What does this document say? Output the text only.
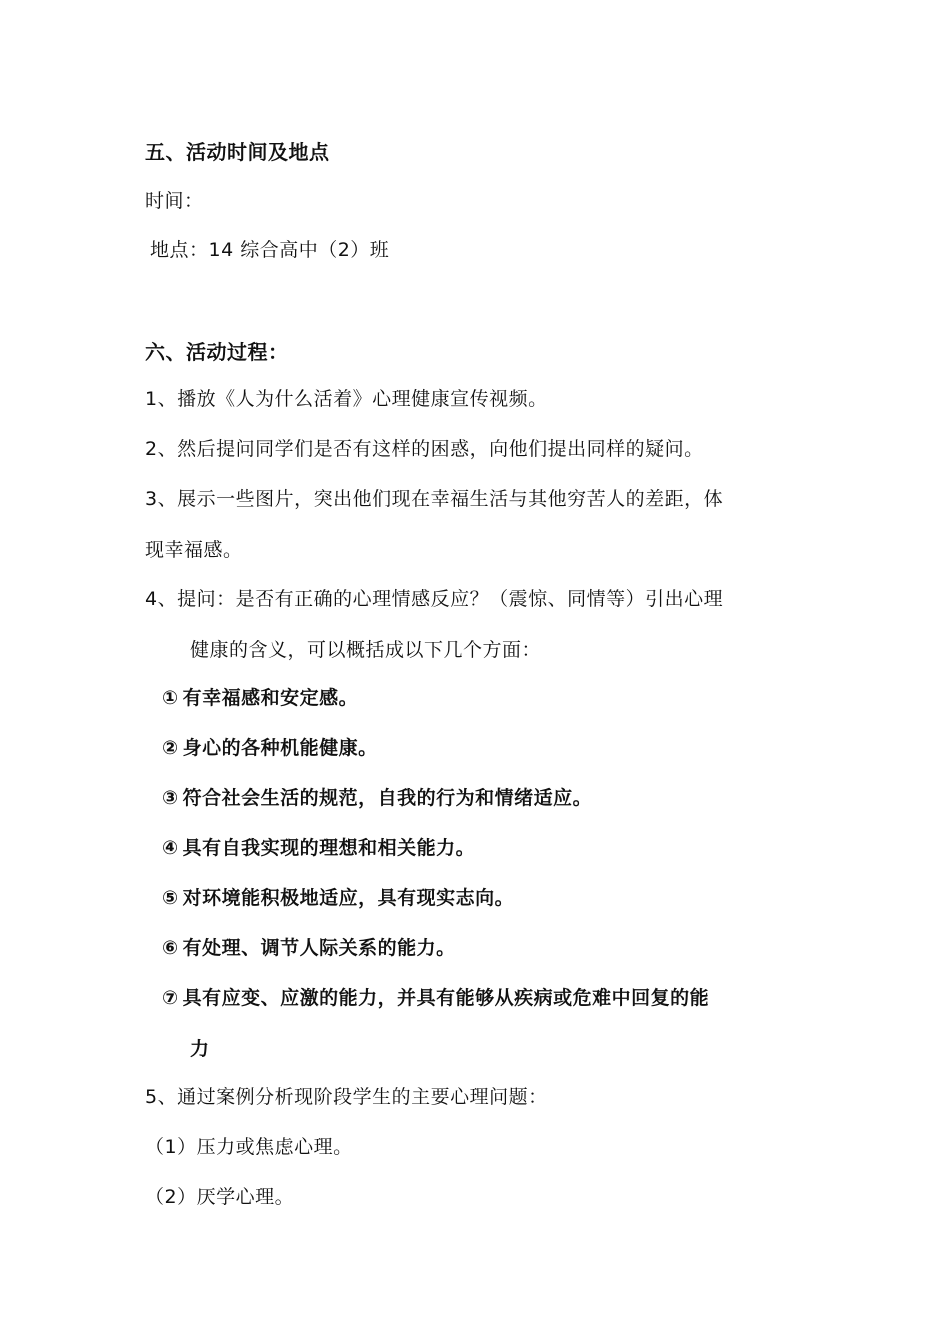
五、活动时间及地点
时间：
地点：14 综合高中（2）班
六、活动过程：
1、播放《人为什么活着》心理健康宣传视频。
2、然后提问同学们是否有这样的困惑，向他们提出同样的疑问。
3、展示一些图片，突出他们现在幸福生活与其他穷苦人的差距，体
现幸福感。
4、提问：是否有正确的心理情感反应？（震惊、同情等）引出心理
健康的含义，可以概括成以下几个方面：
① 有幸福感和安定感。
② 身心的各种机能健康。
③ 符合社会生活的规范，自我的行为和情绪适应。
④ 具有自我实现的理想和相关能力。
⑤ 对环境能积极地适应，具有现实志向。
⑥ 有处理、调节人际关系的能力。
⑦ 具有应变、应激的能力，并具有能够从疾病或危难中回复的能
力
5、通过案例分析现阶段学生的主要心理问题：
（1）压力或焦虑心理。
（2）厌学心理。
